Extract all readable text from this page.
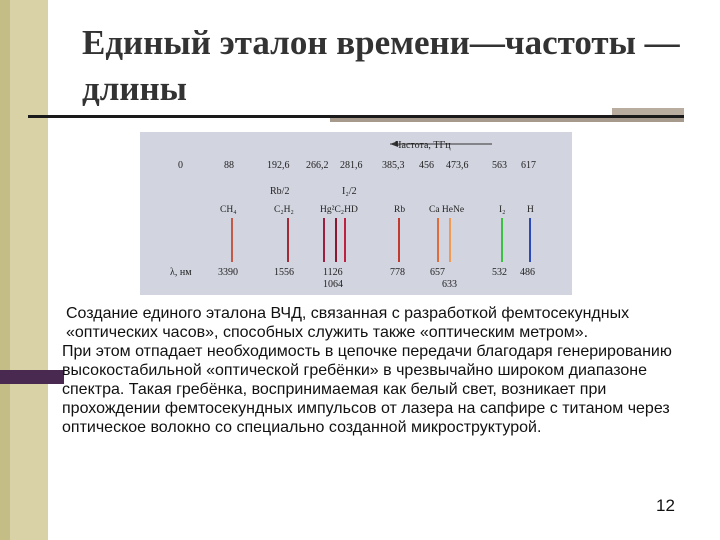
Единый эталон времени—частоты —длины
Частота, ТГц
0	88	192,6 266,2 281,6 385,3 456 473,6 563 617
Rb/2	I₂/2
CH₄	C₂H₂	Hg²C₂HD	Rb	Ca HeNe	I₂ H
λ, нм	3390	1556	1126
1064
778	657
633
532 486

Создание единого эталона ВЧД, связанная с разработкой фемтосекундных «оптических часов», способных служить также «оптическим метром».

При этом отпадает необходимость в цепочке передачи благодаря генерированию высокостабильной «оптической гребёнки» в чрезвычайно широком диапазоне спектра. Такая гребёнка, воспринимаемая как белый свет, возникает при прохождении фемтосекундных импульсов от лазера на сапфире с титаном через оптическое волокно со специально созданной микроструктурой.

12
